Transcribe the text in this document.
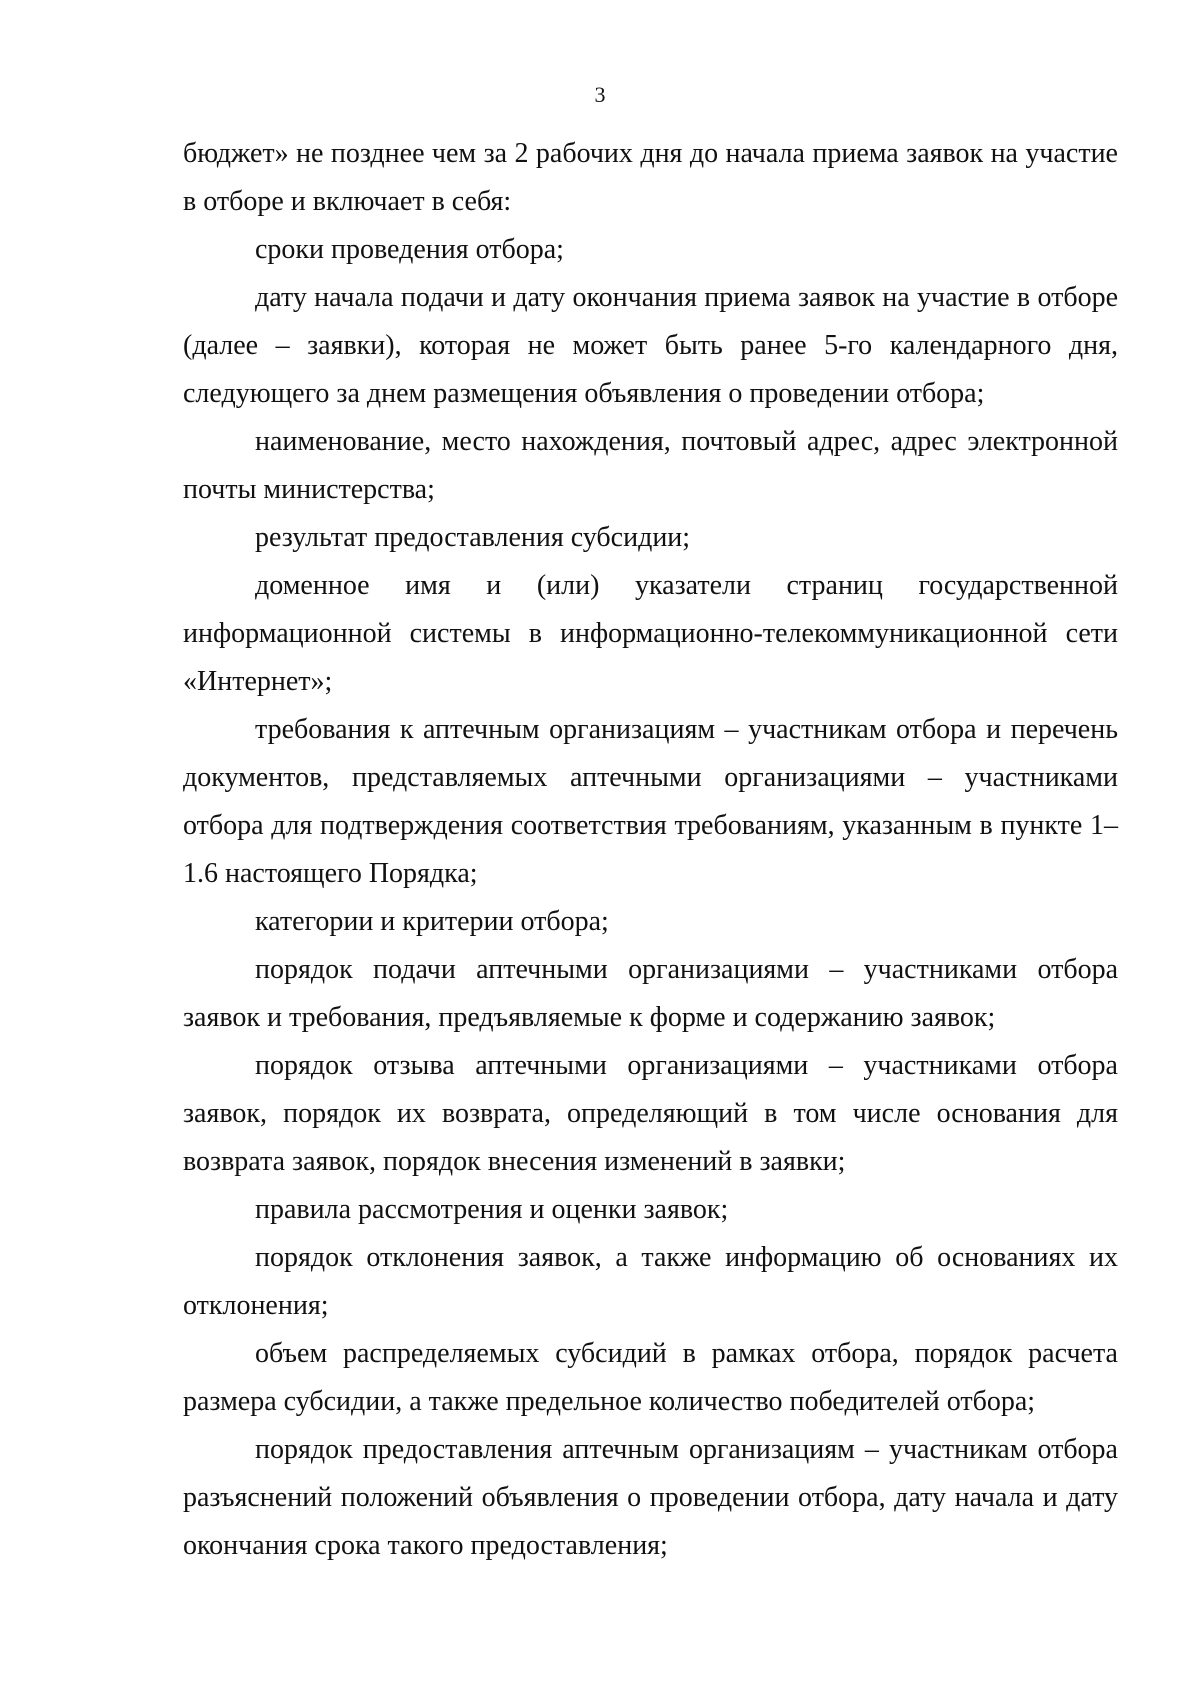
3

бюджет» не позднее чем за 2 рабочих дня до начала приема заявок на участие в отборе и включает в себя:

сроки проведения отбора;

дату начала подачи и дату окончания приема заявок на участие в отборе (далее – заявки), которая не может быть ранее 5-го календарного дня, следующего за днем размещения объявления о проведении отбора;

наименование, место нахождения, почтовый адрес, адрес электронной почты министерства;

результат предоставления субсидии;

доменное имя и (или) указатели страниц государственной информационной системы в информационно-телекоммуникационной сети «Интернет»;

требования к аптечным организациям – участникам отбора и перечень документов, представляемых аптечными организациями – участниками отбора для подтверждения соответствия требованиям, указанным в пункте 1–1.6 настоящего Порядка;

категории и критерии отбора;

порядок подачи аптечными организациями – участниками отбора заявок и требования, предъявляемые к форме и содержанию заявок;

порядок отзыва аптечными организациями – участниками отбора заявок, порядок их возврата, определяющий в том числе основания для возврата заявок, порядок внесения изменений в заявки;

правила рассмотрения и оценки заявок;

порядок отклонения заявок, а также информацию об основаниях их отклонения;

объем распределяемых субсидий в рамках отбора, порядок расчета размера субсидии, а также предельное количество победителей отбора;

порядок предоставления аптечным организациям – участникам отбора разъяснений положений объявления о проведении отбора, дату начала и дату окончания срока такого предоставления;
